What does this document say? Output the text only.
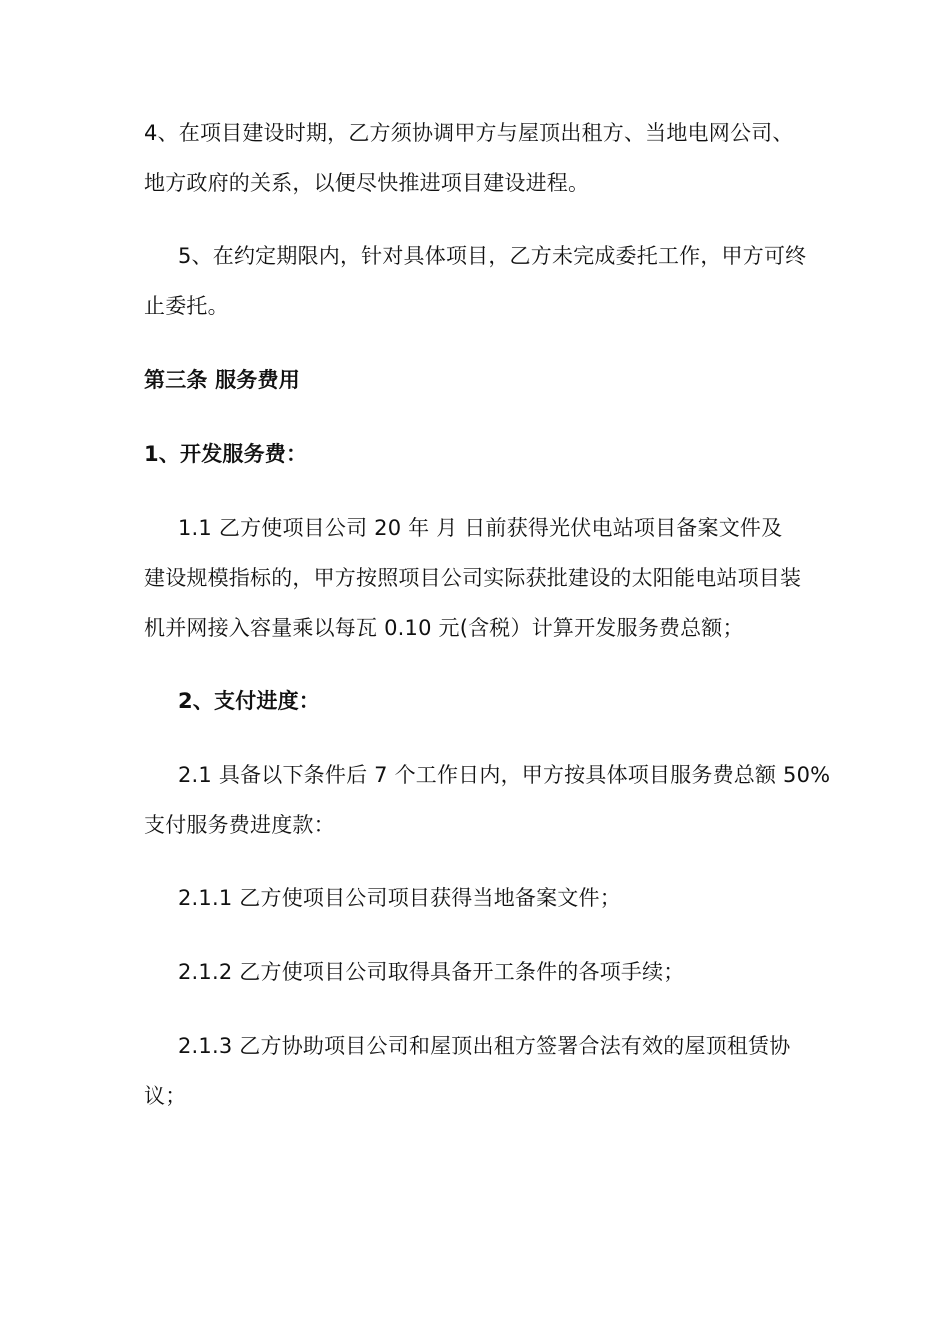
4、在项目建设时期，乙方须协调甲方与屋顶出租方、当地电网公司、
地方政府的关系，以便尽快推进项目建设进程。
5、在约定期限内，针对具体项目，乙方未完成委托工作，甲方可终
止委托。
第三条 服务费用
1、开发服务费：
1.1 乙方使项目公司 20 年 月 日前获得光伏电站项目备案文件及
建设规模指标的，甲方按照项目公司实际获批建设的太阳能电站项目装
机并网接入容量乘以每瓦 0.10 元(含税）计算开发服务费总额；
2、支付进度：
2.1 具备以下条件后 7 个工作日内，甲方按具体项目服务费总额 50%
支付服务费进度款：
2.1.1 乙方使项目公司项目获得当地备案文件；
2.1.2 乙方使项目公司取得具备开工条件的各项手续；
2.1.3 乙方协助项目公司和屋顶出租方签署合法有效的屋顶租赁协
议；
